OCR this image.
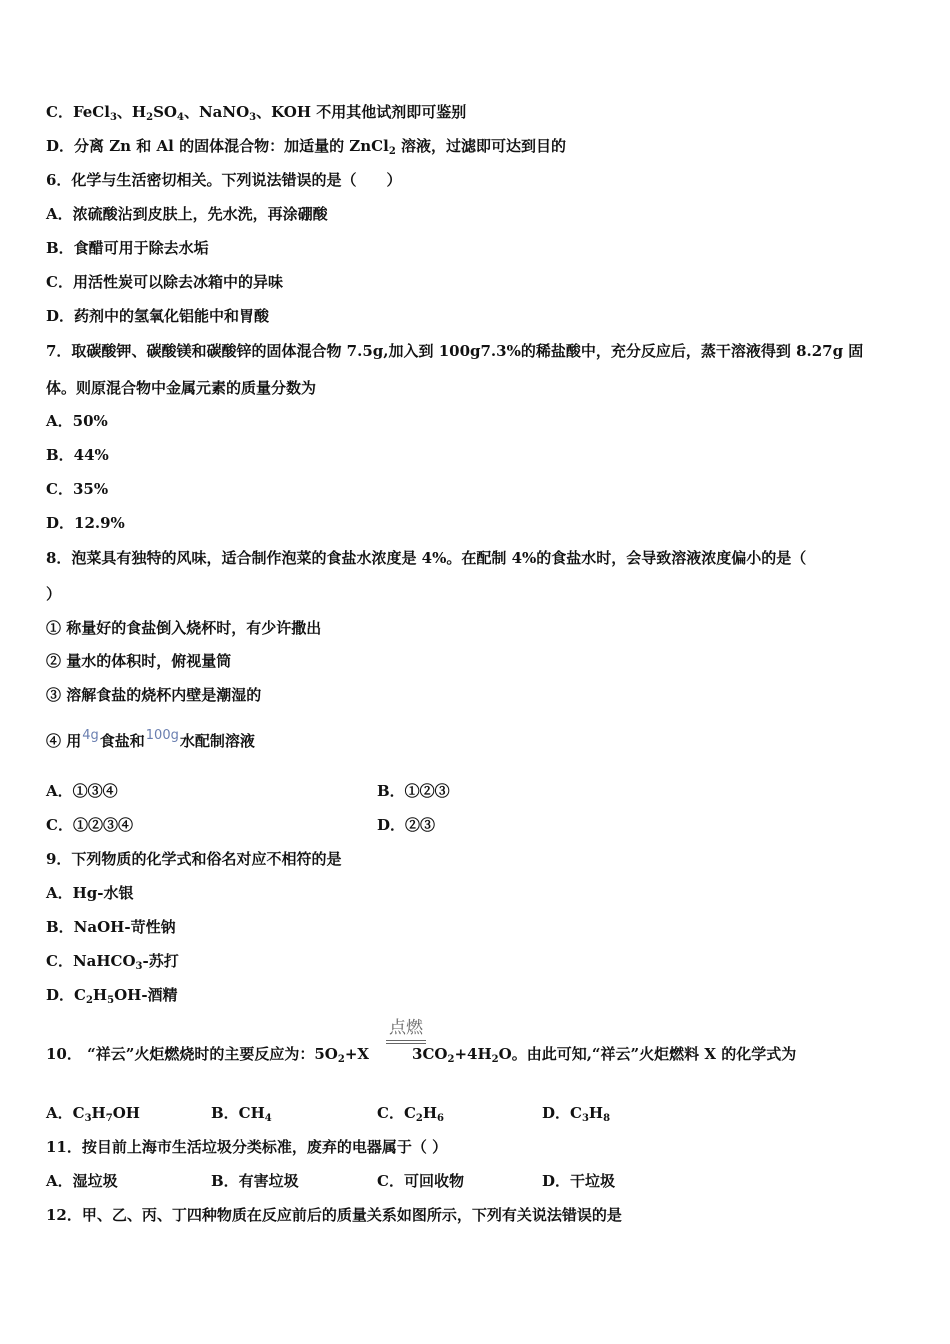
C．FeCl$_3$、$H_2SO_4$、NaNO$_3$、KOH 不用其他试剂即可鉴别
D．分离 Zn 和 Al 的固体混合物：加适量的 ZnCl$_2$ 溶液，过滤即可达到目的
6．化学与生活密切相关。下列说法错误的是（　　）
A．浓硫酸沾到皮肤上，先水洗，再涂硼酸
B．食醋可用于除去水垢
C．用活性炭可以除去冰箱中的异味
D．药剂中的氢氧化铝能中和胃酸
7．取碳酸钾、碳酸镁和碳酸锌的固体混合物 7.5g,加入到 100g7.3%的稀盐酸中，充分反应后，蒸干溶液得到 8.27g 固
体。则原混合物中金属元素的质量分数为
A．50%
B．44%
C．35%
D．12.9%
8．泡菜具有独特的风味，适合制作泡菜的食盐水浓度是 4%。在配制 4%的食盐水时，会导致溶液浓度偏小的是（
）
① 称量好的食盐倒入烧杯时，有少许撒出
② 量水的体积时，俯视量筒
③ 溶解食盐的烧杯内壁是潮湿的
④ 用4g食盐和100g水配制溶液
A．①③④	B．①②③
C．①②③④	D．②③
9．下列物质的化学式和俗名对应不相符的是
A．Hg-水银
B．NaOH-苛性钠
C．NaHCO$_3$-苏打
D．$C_2H_5OH-$酒精
点燃
10． “祥云”火炬燃烧时的主要反应为：$5O_2+X$	$3CO_2+4H_2O$。由此可知,“祥云”火炬燃料 X 的化学式为
A．$C_3H_7OH$	B．$CH_4$	C．$C_2H_6$	D．$C_3H_8$
11．按目前上海市生活垃圾分类标准，废弃的电器属于（ ）
A．湿垃圾	B．有害垃圾	C．可回收物	D．干垃圾
12．甲、乙、丙、丁四种物质在反应前后的质量关系如图所示，下列有关说法错误的是
